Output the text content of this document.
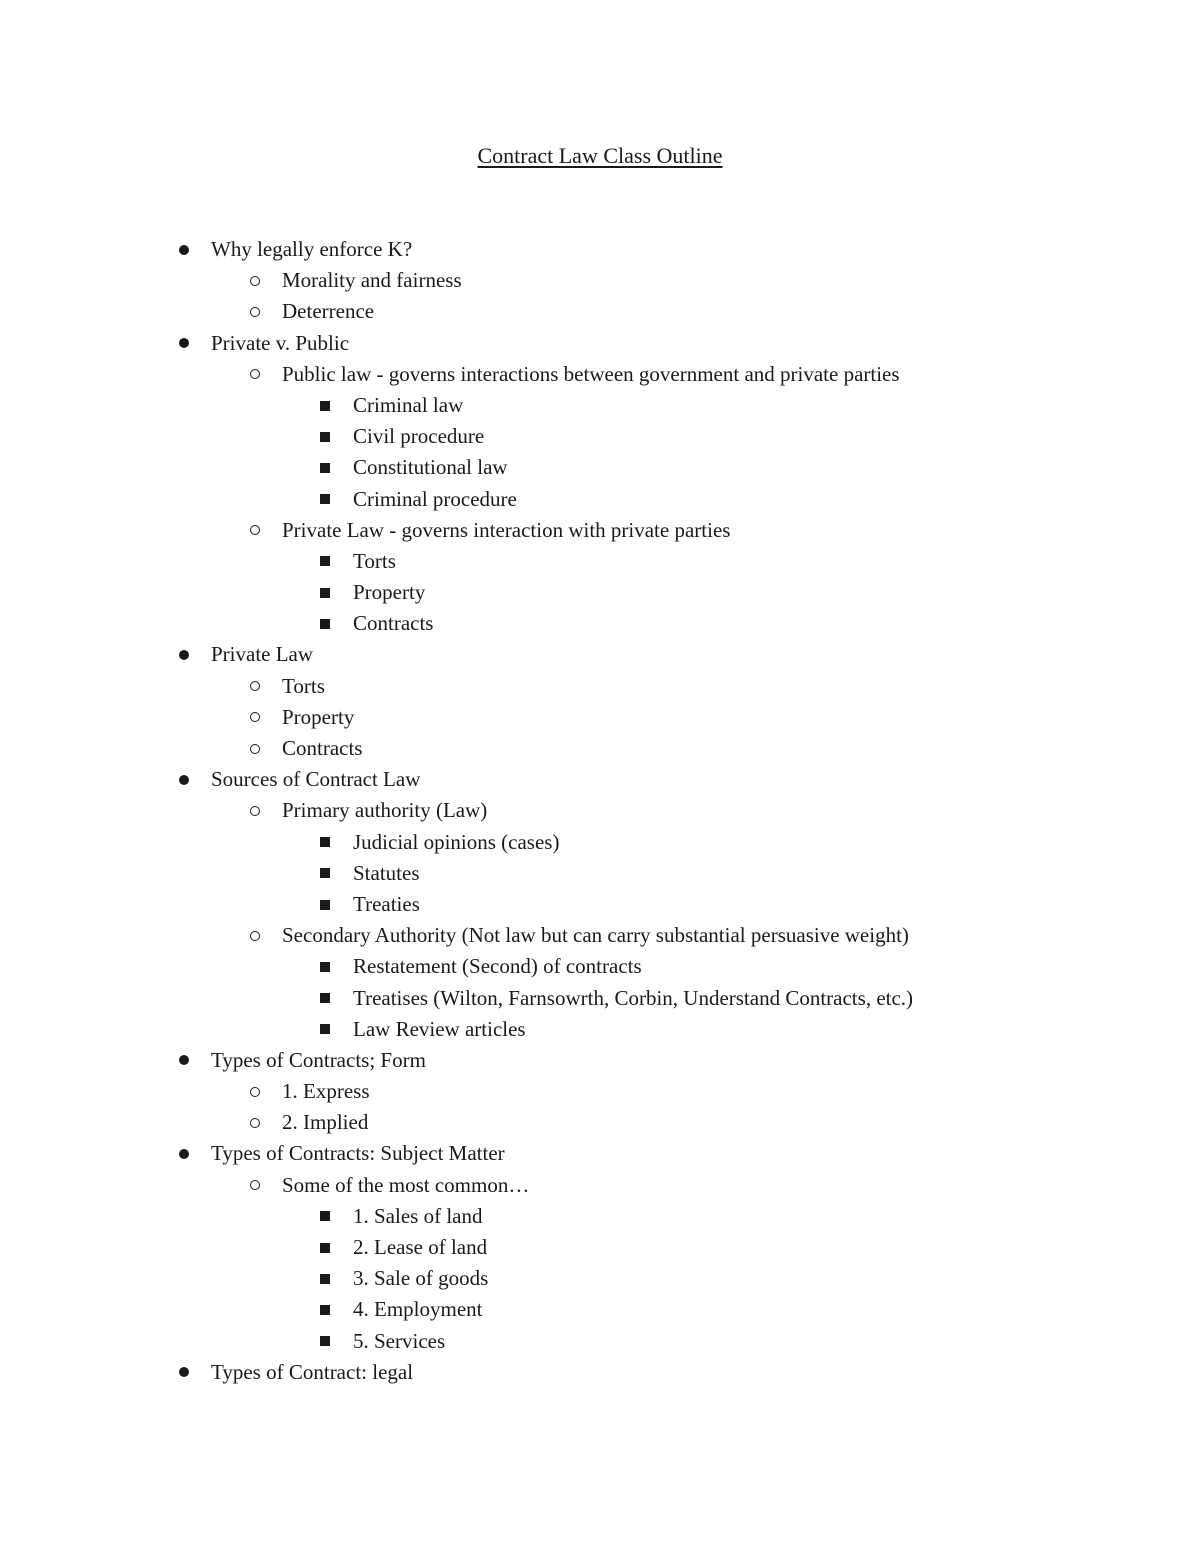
Contract Law Class Outline
Why legally enforce K?
Morality and fairness
Deterrence
Private v. Public
Public law - governs interactions between government and private parties
Criminal law
Civil procedure
Constitutional law
Criminal procedure
Private Law - governs interaction with private parties
Torts
Property
Contracts
Private Law
Torts
Property
Contracts
Sources of Contract Law
Primary authority (Law)
Judicial opinions (cases)
Statutes
Treaties
Secondary Authority (Not law but can carry substantial persuasive weight)
Restatement (Second) of contracts
Treatises (Wilton, Farnsowrth, Corbin, Understand Contracts, etc.)
Law Review articles
Types of Contracts; Form
1. Express
2. Implied
Types of Contracts: Subject Matter
Some of the most common…
1. Sales of land
2. Lease of land
3. Sale of goods
4. Employment
5. Services
Types of Contract: legal
